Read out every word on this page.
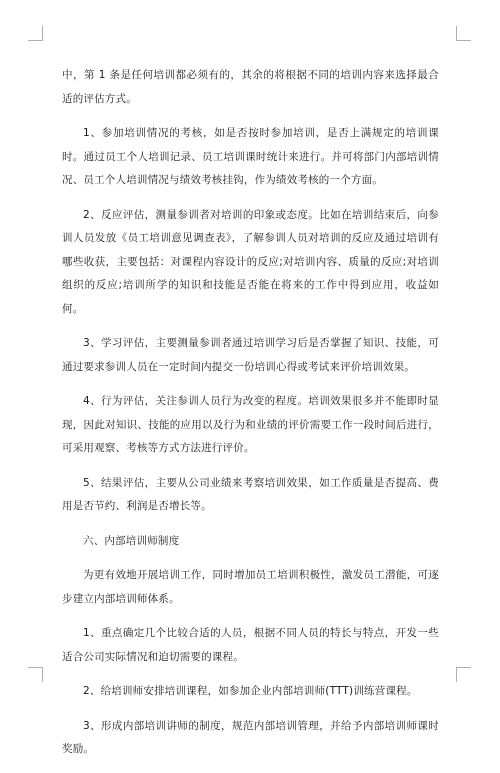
中，第 1 条是任何培训都必须有的，其余的将根据不同的培训内容来选择最合适的评估方式。

1、参加培训情况的考核，如是否按时参加培训，是否上满规定的培训课时。通过员工个人培训记录、员工培训课时统计来进行。并可将部门内部培训情况、员工个人培训情况与绩效考核挂钩，作为绩效考核的一个方面。

2、反应评估，测量参训者对培训的印象或态度。比如在培训结束后，向参训人员发放《员工培训意见调查表》，了解参训人员对培训的反应及通过培训有哪些收获，主要包括：对课程内容设计的反应;对培训内容、质量的反应;对培训组织的反应;培训所学的知识和技能是否能在将来的工作中得到应用，收益如何。

3、学习评估，主要测量参训者通过培训学习后是否掌握了知识、技能，可通过要求参训人员在一定时间内提交一份培训心得或考试来评价培训效果。

4、行为评估，关注参训人员行为改变的程度。培训效果很多并不能即时显现，因此对知识、技能的应用以及行为和业绩的评价需要工作一段时间后进行，可采用观察、考核等方式方法进行评价。

5、结果评估，主要从公司业绩来考察培训效果，如工作质量是否提高、费用是否节约、利润是否增长等。

六、内部培训师制度

为更有效地开展培训工作，同时增加员工培训积极性，激发员工潜能，可逐步建立内部培训师体系。

1、重点确定几个比较合适的人员，根据不同人员的特长与特点，开发一些适合公司实际情况和迫切需要的课程。

2、给培训师安排培训课程，如参加企业内部培训师(TTT)训练营课程。

3、形成内部培训讲师的制度，规范内部培训管理，并给予内部培训师课时奖励。
